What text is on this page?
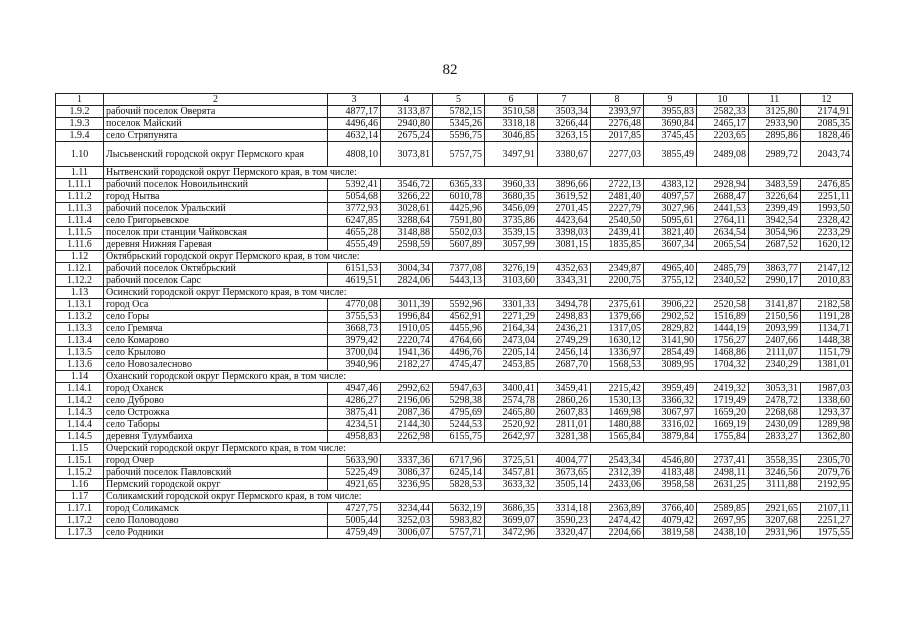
82
1	2	3	4	5	6	7	8	9	10	11	12
1.9.2	рабочий поселок Оверята	4877,17	3133,87	5782,15	3510,58	3503,34	2393,97	3955,83	2582,33	3125,80	2174,91
1.9.3	поселок Майский	4496,46	2940,80	5345,26	3318,18	3266,44	2276,48	3690,84	2465,17	2933,90	2085,35
1.9.4	село Стряпунята	4632,14	2675,24	5596,75	3046,85	3263,15	2017,85	3745,45	2203,65	2895,86	1828,46
1.10	Лысьвенский городской округ Пермского края	4808,10	3073,81	5757,75	3497,91	3380,67	2277,03	3855,49	2489,08	2989,72	2043,74
1.11	Нытвенский городской округ Пермского края, в том числе:										
1.11.1	рабочий поселок Новоильинский	5392,41	3546,72	6365,33	3960,33	3896,66	2722,13	4383,12	2928,94	3483,59	2476,85
1.11.2	город Нытва	5054,68	3266,22	6010,78	3680,35	3619,52	2481,40	4097,57	2688,47	3226,64	2251,11
1.11.3	рабочий поселок Уральский	3772,93	3028,61	4425,96	3456,09	2701,45	2227,79	3027,96	2441,53	2399,49	1993,50
1.11.4	село Григорьевское	6247,85	3288,64	7591,80	3735,86	4423,64	2540,50	5095,61	2764,11	3942,54	2328,42
1.11.5	поселок при станции Чайковская	4655,28	3148,88	5502,03	3539,15	3398,03	2439,41	3821,40	2634,54	3054,96	2233,29
1.11.6	деревня Нижняя Гаревая	4555,49	2598,59	5607,89	3057,99	3081,15	1835,85	3607,34	2065,54	2687,52	1620,12
1.12	Октябрьский городской округ Пермского края, в том числе:										
1.12.1	рабочий поселок Октябрьский	6151,53	3004,34	7377,08	3276,19	4352,63	2349,87	4965,40	2485,79	3863,77	2147,12
1.12.2	рабочий поселок Сарс	4619,51	2824,06	5443,13	3103,60	3343,31	2200,75	3755,12	2340,52	2990,17	2010,83
1.13	Осинский городской округ Пермского края, в том числе:										
1.13.1	город Оса	4770,08	3011,39	5592,96	3301,33	3494,78	2375,61	3906,22	2520,58	3141,87	2182,58
1.13.2	село Горы	3755,53	1996,84	4562,91	2271,29	2498,83	1379,66	2902,52	1516,89	2150,56	1191,28
1.13.3	село Гремяча	3668,73	1910,05	4455,96	2164,34	2436,21	1317,05	2829,82	1444,19	2093,99	1134,71
1.13.4	село Комарово	3979,42	2220,74	4764,66	2473,04	2749,29	1630,12	3141,90	1756,27	2407,66	1448,38
1.13.5	село Крылово	3700,04	1941,36	4496,76	2205,14	2456,14	1336,97	2854,49	1468,86	2111,07	1151,79
1.13.6	село Новозалесново	3940,96	2182,27	4745,47	2453,85	2687,70	1568,53	3089,95	1704,32	2340,29	1381,01
1.14	Оханский городской округ Пермского края, в том числе:										
1.14.1	город Оханск	4947,46	2992,62	5947,63	3400,41	3459,41	2215,42	3959,49	2419,32	3053,31	1987,03
1.14.2	село Дуброво	4286,27	2196,06	5298,38	2574,78	2860,26	1530,13	3366,32	1719,49	2478,72	1338,60
1.14.3	село Острожка	3875,41	2087,36	4795,69	2465,80	2607,83	1469,98	3067,97	1659,20	2268,68	1293,37
1.14.4	село Таборы	4234,51	2144,30	5244,53	2520,92	2811,01	1480,88	3316,02	1669,19	2430,09	1289,98
1.14.5	деревня Тулумбаиха	4958,83	2262,98	6155,75	2642,97	3281,38	1565,84	3879,84	1755,84	2833,27	1362,80
1.15	Очерский городской округ Пермского края, в том числе:										
1.15.1	город Очер	5633,90	3337,36	6717,96	3725,51	4004,77	2543,34	4546,80	2737,41	3558,35	2305,70
1.15.2	рабочий поселок Павловский	5225,49	3086,37	6245,14	3457,81	3673,65	2312,39	4183,48	2498,11	3246,56	2079,76
1.16	Пермский городской округ	4921,65	3236,95	5828,53	3633,32	3505,14	2433,06	3958,58	2631,25	3111,88	2192,95
1.17	Соликамский городской округ Пермского края, в том числе:										
1.17.1	город Соликамск	4727,75	3234,44	5632,19	3686,35	3314,18	2363,89	3766,40	2589,85	2921,65	2107,11
1.17.2	село Половодово	5005,44	3252,03	5983,82	3699,07	3590,23	2474,42	4079,42	2697,95	3207,68	2251,27
1.17.3	село Родники	4759,49	3006,07	5757,71	3472,96	3320,47	2204,66	3819,58	2438,10	2931,96	1975,55
